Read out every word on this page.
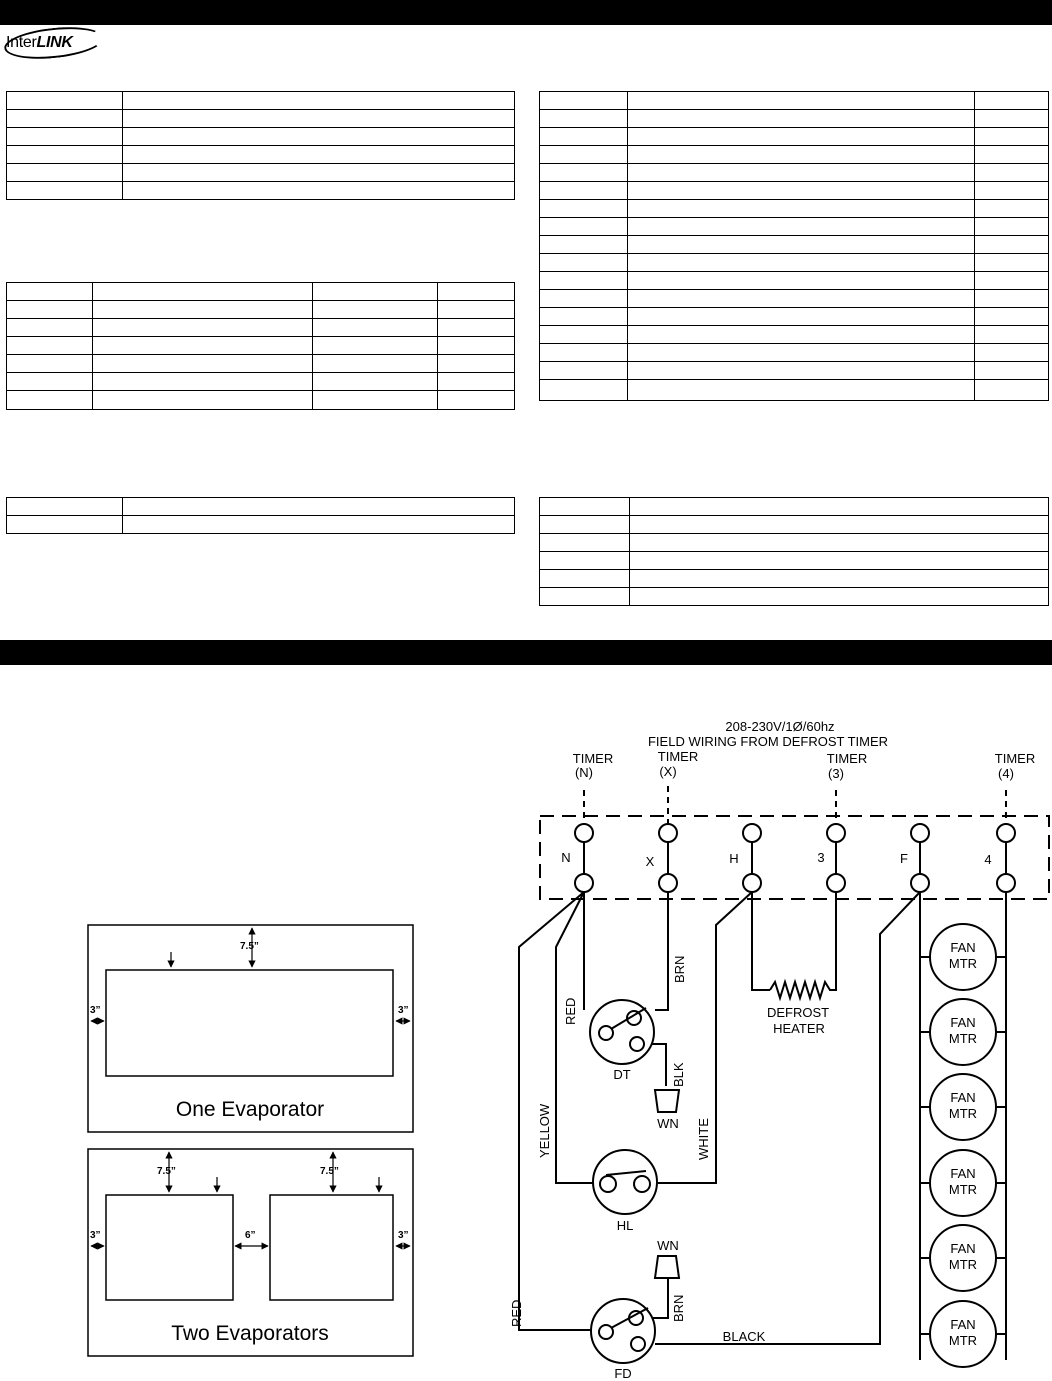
InterLINK

7.5”
3”	3”
One Evaporator
7.5”	7.5”
3”	6”	3”
Two Evaporators
208-230V/1Ø/60hz
FIELD WIRING FROM DEFROST TIMER
TIMER
(N)
TIMER
(X)
TIMER
(3)
TIMER
(4)
N	X	H	3	F	4
DT
WN
WN
HL
FD
RED
BRN
BLK
YELLOW	WHITE
RED	BRN
BLACK
DEFROST
HEATER
FAN
MTR
FAN
MTR
FAN
MTR
FAN
MTR
FAN
MTR
FAN
MTR
